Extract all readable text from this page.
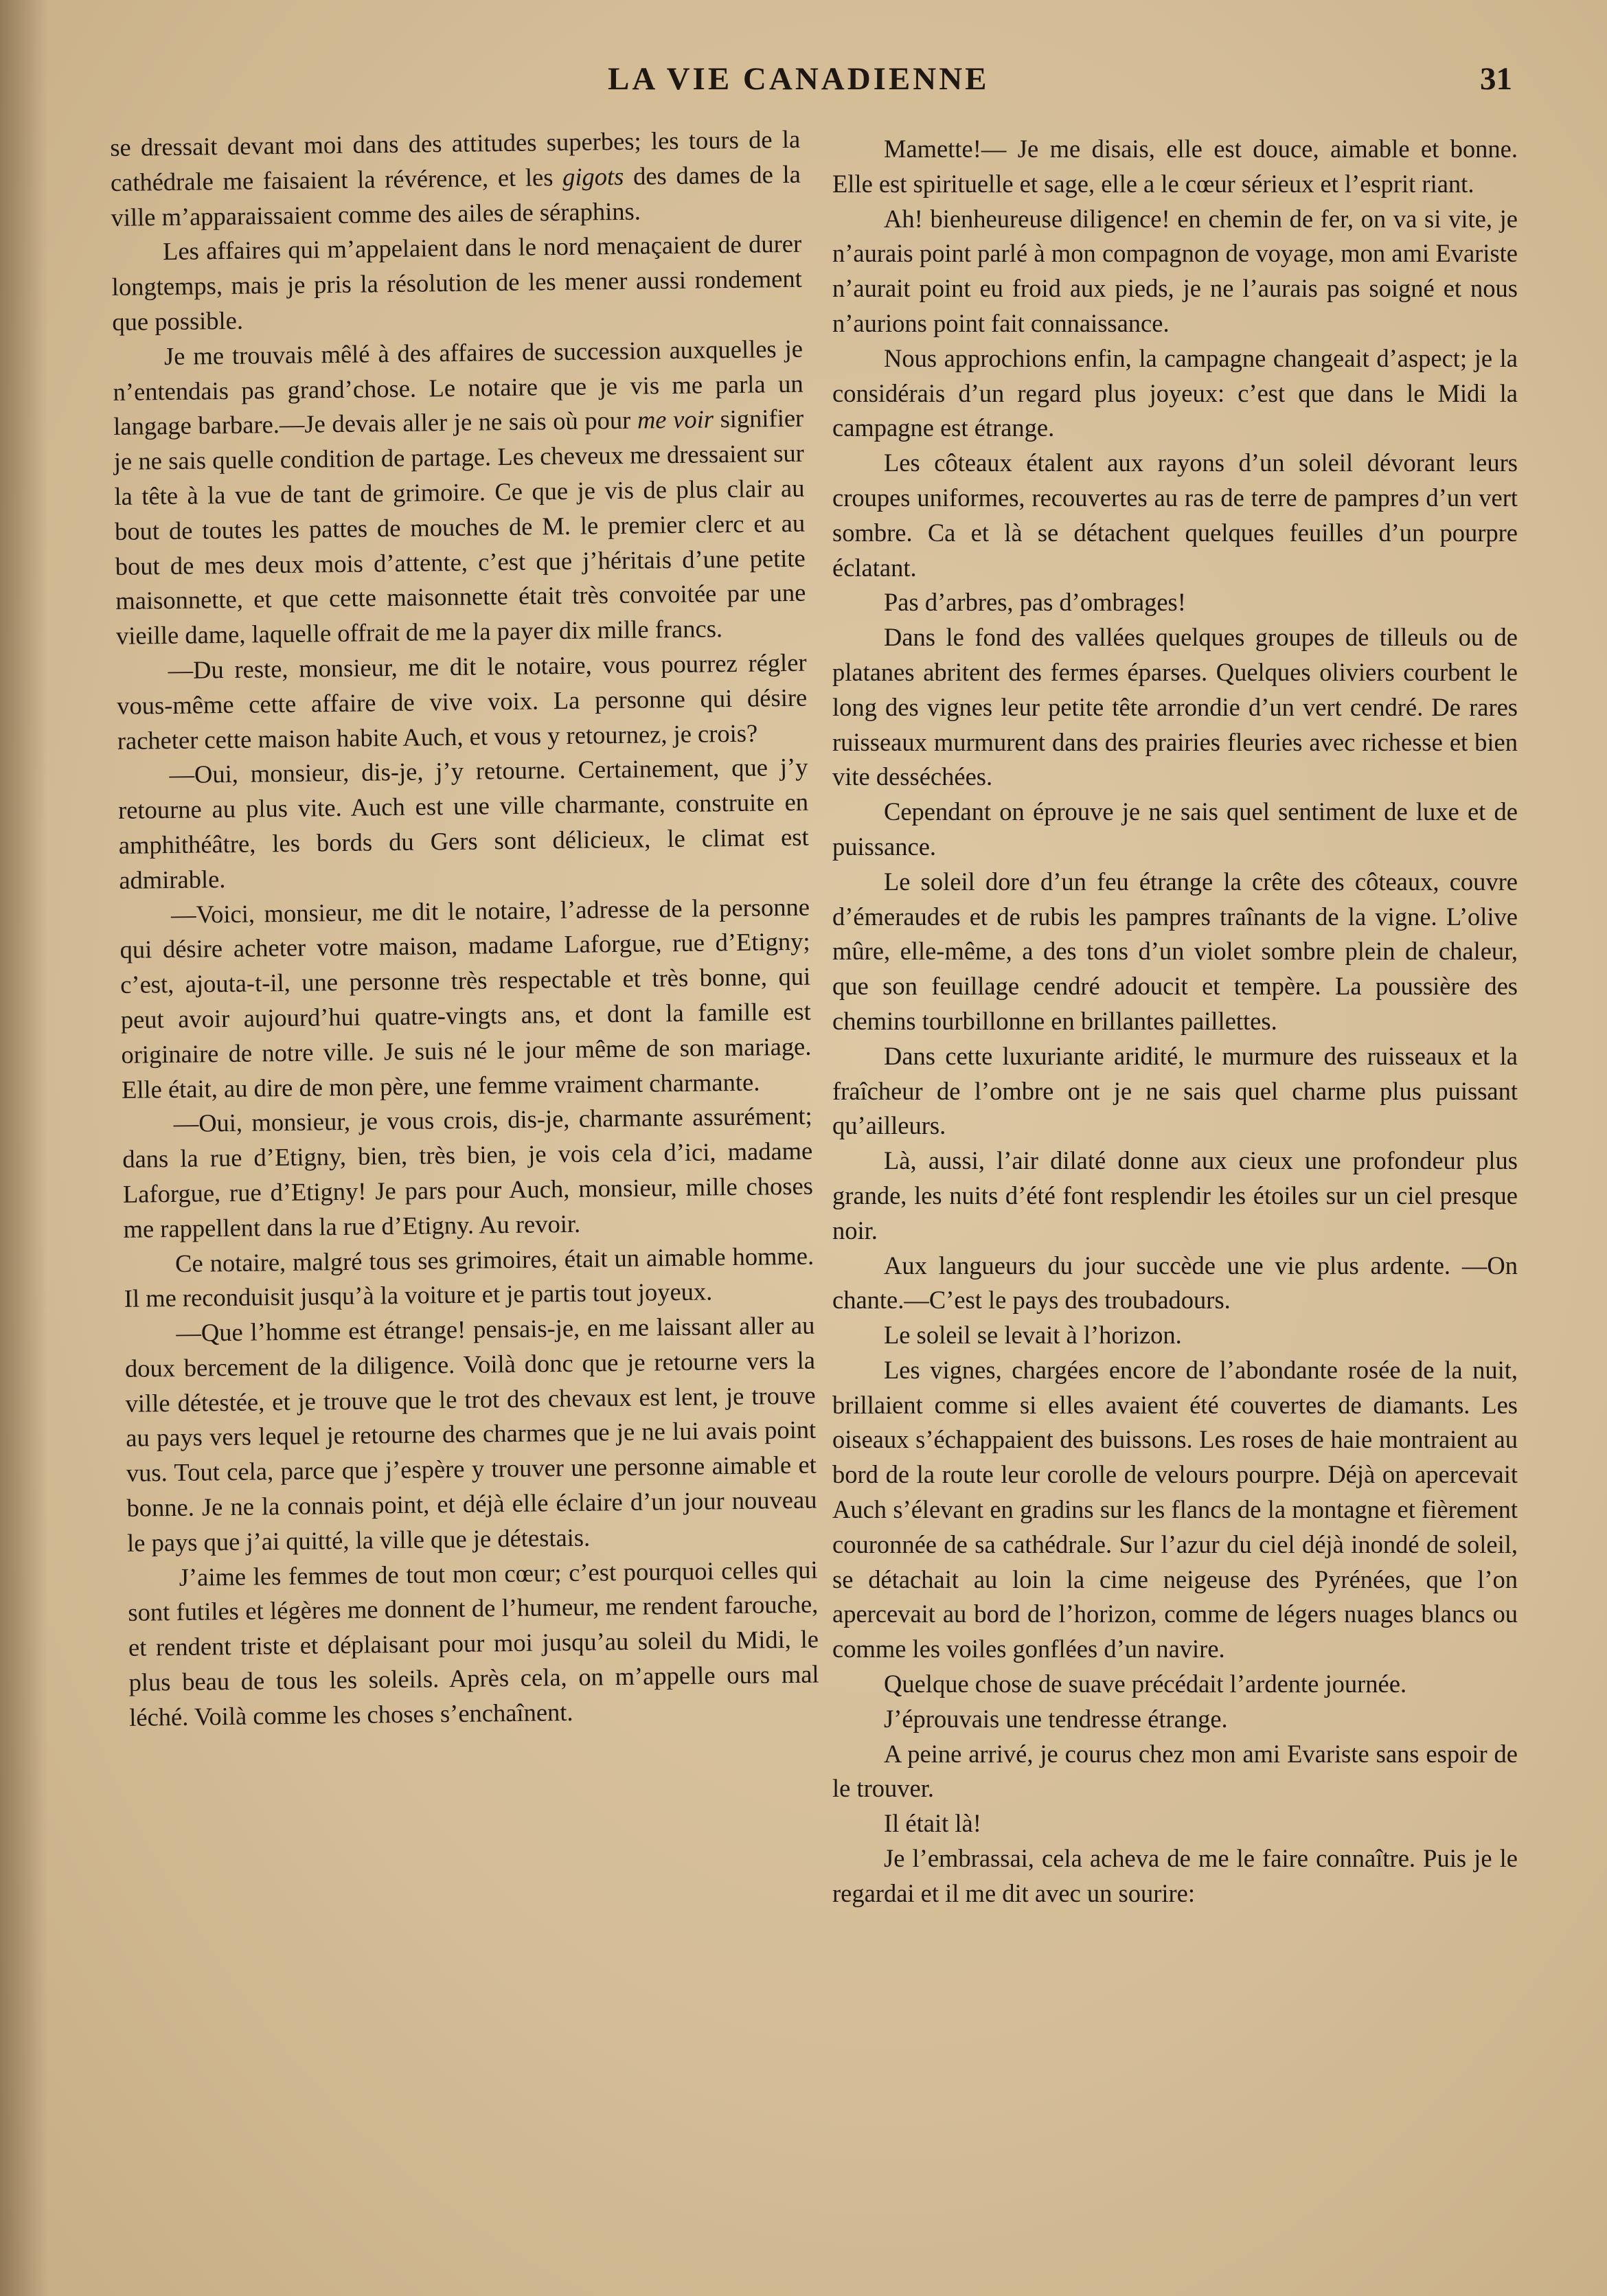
LA VIE CANADIENNE	31

se dressait devant moi dans des attitudes superbes; les tours de la cathédrale me faisaient la révérence, et les gigots des dames de la ville m’apparaissaient comme des ailes de séraphins.

Les affaires qui m’appelaient dans le nord menaçaient de durer longtemps, mais je pris la résolution de les mener aussi rondement que possible.

Je me trouvais mêlé à des affaires de succession auxquelles je n’entendais pas grand’chose. Le notaire que je vis me parla un langage barbare.—Je devais aller je ne sais où pour me voir signifier je ne sais quelle condition de partage. Les cheveux me dressaient sur la tête à la vue de tant de grimoire. Ce que je vis de plus clair au bout de toutes les pattes de mouches de M. le premier clerc et au bout de mes deux mois d’attente, c’est que j’héritais d’une petite maisonnette, et que cette maisonnette était très convoitée par une vieille dame, laquelle offrait de me la payer dix mille francs.

—Du reste, monsieur, me dit le notaire, vous pourrez régler vous-même cette affaire de vive voix. La personne qui désire racheter cette maison habite Auch, et vous y retournez, je crois?

—Oui, monsieur, dis-je, j’y retourne. Certainement, que j’y retourne au plus vite. Auch est une ville charmante, construite en amphithéâtre, les bords du Gers sont délicieux, le climat est admirable.

—Voici, monsieur, me dit le notaire, l’adresse de la personne qui désire acheter votre maison, madame Laforgue, rue d’Etigny; c’est, ajouta-t-il, une personne très respectable et très bonne, qui peut avoir aujourd’hui quatre-vingts ans, et dont la famille est originaire de notre ville. Je suis né le jour même de son mariage. Elle était, au dire de mon père, une femme vraiment charmante.

—Oui, monsieur, je vous crois, dis-je, charmante assurément; dans la rue d’Etigny, bien, très bien, je vois cela d’ici, madame Laforgue, rue d’Etigny! Je pars pour Auch, monsieur, mille choses me rappellent dans la rue d’Etigny. Au revoir.

Ce notaire, malgré tous ses grimoires, était un aimable homme. Il me reconduisit jusqu’à la voiture et je partis tout joyeux.

—Que l’homme est étrange! pensais-je, en me laissant aller au doux bercement de la diligence. Voilà donc que je retourne vers la ville détestée, et je trouve que le trot des chevaux est lent, je trouve au pays vers lequel je retourne des charmes que je ne lui avais point vus. Tout cela, parce que j’espère y trouver une personne aimable et bonne. Je ne la connais point, et déjà elle éclaire d’un jour nouveau le pays que j’ai quitté, la ville que je détestais.

J’aime les femmes de tout mon cœur; c’est pourquoi celles qui sont futiles et légères me donnent de l’humeur, me rendent farouche, et rendent triste et déplaisant pour moi jusqu’au soleil du Midi, le plus beau de tous les soleils. Après cela, on m’appelle ours mal léché. Voilà comme les choses s’enchaînent.

Mamette!— Je me disais, elle est douce, aimable et bonne. Elle est spirituelle et sage, elle a le cœur sérieux et l’esprit riant.

Ah! bienheureuse diligence! en chemin de fer, on va si vite, je n’aurais point parlé à mon compagnon de voyage, mon ami Evariste n’aurait point eu froid aux pieds, je ne l’aurais pas soigné et nous n’aurions point fait connaissance.

Nous approchions enfin, la campagne changeait d’aspect; je la considérais d’un regard plus joyeux: c’est que dans le Midi la campagne est étrange.

Les côteaux étalent aux rayons d’un soleil dévorant leurs croupes uniformes, recouvertes au ras de terre de pampres d’un vert sombre. Ca et là se détachent quelques feuilles d’un pourpre éclatant.

Pas d’arbres, pas d’ombrages!

Dans le fond des vallées quelques groupes de tilleuls ou de platanes abritent des fermes éparses. Quelques oliviers courbent le long des vignes leur petite tête arrondie d’un vert cendré. De rares ruisseaux murmurent dans des prairies fleuries avec richesse et bien vite desséchées.

Cependant on éprouve je ne sais quel sentiment de luxe et de puissance.

Le soleil dore d’un feu étrange la crête des côteaux, couvre d’émeraudes et de rubis les pampres traînants de la vigne. L’olive mûre, elle-même, a des tons d’un violet sombre plein de chaleur, que son feuillage cendré adoucit et tempère. La poussière des chemins tourbillonne en brillantes paillettes.

Dans cette luxuriante aridité, le murmure des ruisseaux et la fraîcheur de l’ombre ont je ne sais quel charme plus puissant qu’ailleurs.

Là, aussi, l’air dilaté donne aux cieux une profondeur plus grande, les nuits d’été font resplendir les étoiles sur un ciel presque noir.

Aux langueurs du jour succède une vie plus ardente. —On chante.—C’est le pays des troubadours.

Le soleil se levait à l’horizon.

Les vignes, chargées encore de l’abondante rosée de la nuit, brillaient comme si elles avaient été couvertes de diamants. Les oiseaux s’échappaient des buissons. Les roses de haie montraient au bord de la route leur corolle de velours pourpre. Déjà on apercevait Auch s’élevant en gradins sur les flancs de la montagne et fièrement couronnée de sa cathédrale. Sur l’azur du ciel déjà inondé de soleil, se détachait au loin la cime neigeuse des Pyrénées, que l’on apercevait au bord de l’horizon, comme de légers nuages blancs ou comme les voiles gonflées d’un navire.

Quelque chose de suave précédait l’ardente journée.

J’éprouvais une tendresse étrange.

A peine arrivé, je courus chez mon ami Evariste sans espoir de le trouver.

Il était là!

Je l’embrassai, cela acheva de me le faire connaître. Puis je le regardai et il me dit avec un sourire:
